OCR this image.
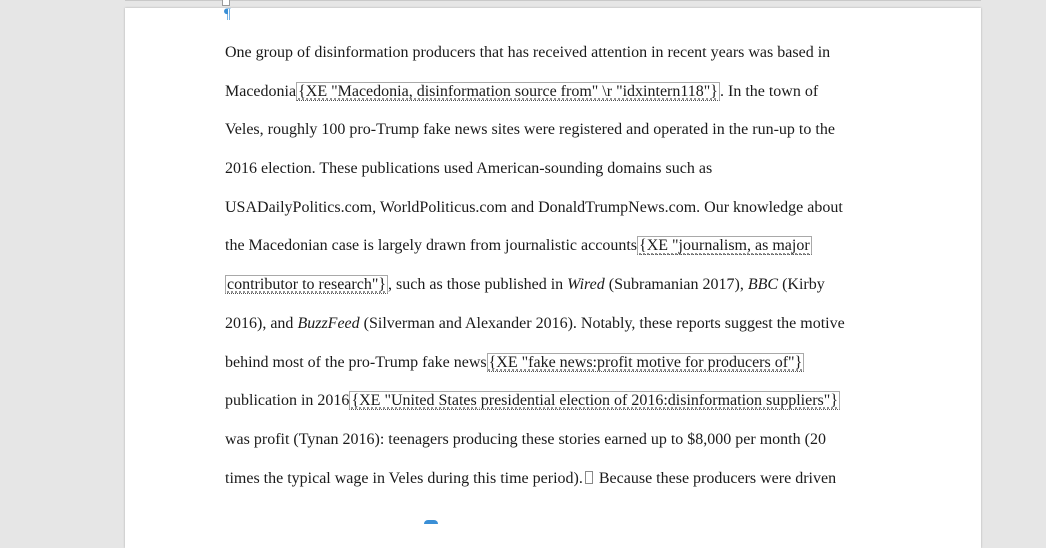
¶
One group of disinformation producers that has received attention in recent years was based in
Macedonia {XE "Macedonia, disinformation source from" \r "idxintern118"} . In the town of
Veles, roughly 100 pro-Trump fake news sites were registered and operated in the run-up to the
2016 election. These publications used American-sounding domains such as
USADailyPolitics.com, WorldPoliticus.com and DonaldTrumpNews.com. Our knowledge about
the Macedonian case is largely drawn from journalistic accounts {XE "journalism, as major
contributor to research"} , such as those published in Wired (Subramanian 2017), BBC (Kirby
2016), and BuzzFeed (Silverman and Alexander 2016). Notably, these reports suggest the motive
behind most of the pro-Trump fake news {XE "fake news:profit motive for producers of"}
publication in 2016 {XE "United States presidential election of 2016:disinformation suppliers"}
was profit (Tynan 2016): teenagers producing these stories earned up to $8,000 per month (20
times the typical wage in Veles during this time period). Because these producers were driven
